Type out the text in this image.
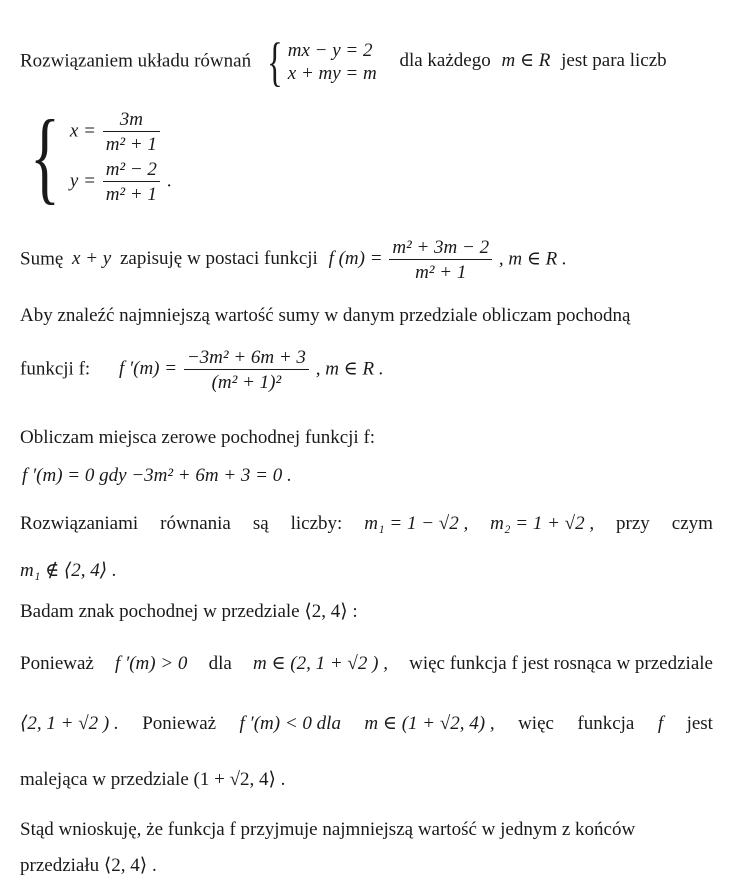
Rozwiązaniem układu równań { mx − y = 2
x + my = m
dla każdego m ∈ R jest para liczb
{ $x = \frac{3m}{\text{m² + 1}}$
$y = \frac{\text{m² − 2}}{\text{m² + 1}}$ .
Sumę x + y zapisuję w postaci funkcji f $(m) = \frac{\text{m² + 3m − 2}}{\text{m² + 1}}$ , m ∈ R .
Aby znaleźć najmniejszą wartość sumy w danym przedziale obliczam pochodną
funkcji f: f $'(m) = \frac{\text{−3m² + 6m + 3}}{\text{(m² + 1)²}}$ , m ∈ R .
Obliczam miejsca zerowe pochodnej funkcji f:
f ′(m) = 0 gdy −3m² + 6m + 3 = 0 .
Rozwiązaniami równania są liczby: m₁ = 1 − √2 , m₂ = 1 + √2 , przy czym
m₁ ∉ ⟨2, 4⟩ .
Badam znak pochodnej w przedziale ⟨2, 4⟩ :
Ponieważ f ′(m) > 0 dla m ∈ (2, 1 + √2 ) , więc funkcja f jest rosnąca w przedziale
⟨2, 1 + √2 ) . Ponieważ f ′(m) < 0 dla m ∈ (1 + √2, 4) , więc funkcja f jest
malejąca w przedziale (1 + √2, 4⟩ .
Stąd wnioskuję, że funkcja f przyjmuje najmniejszą wartość w jednym z końców
przedziału ⟨2, 4⟩ .
